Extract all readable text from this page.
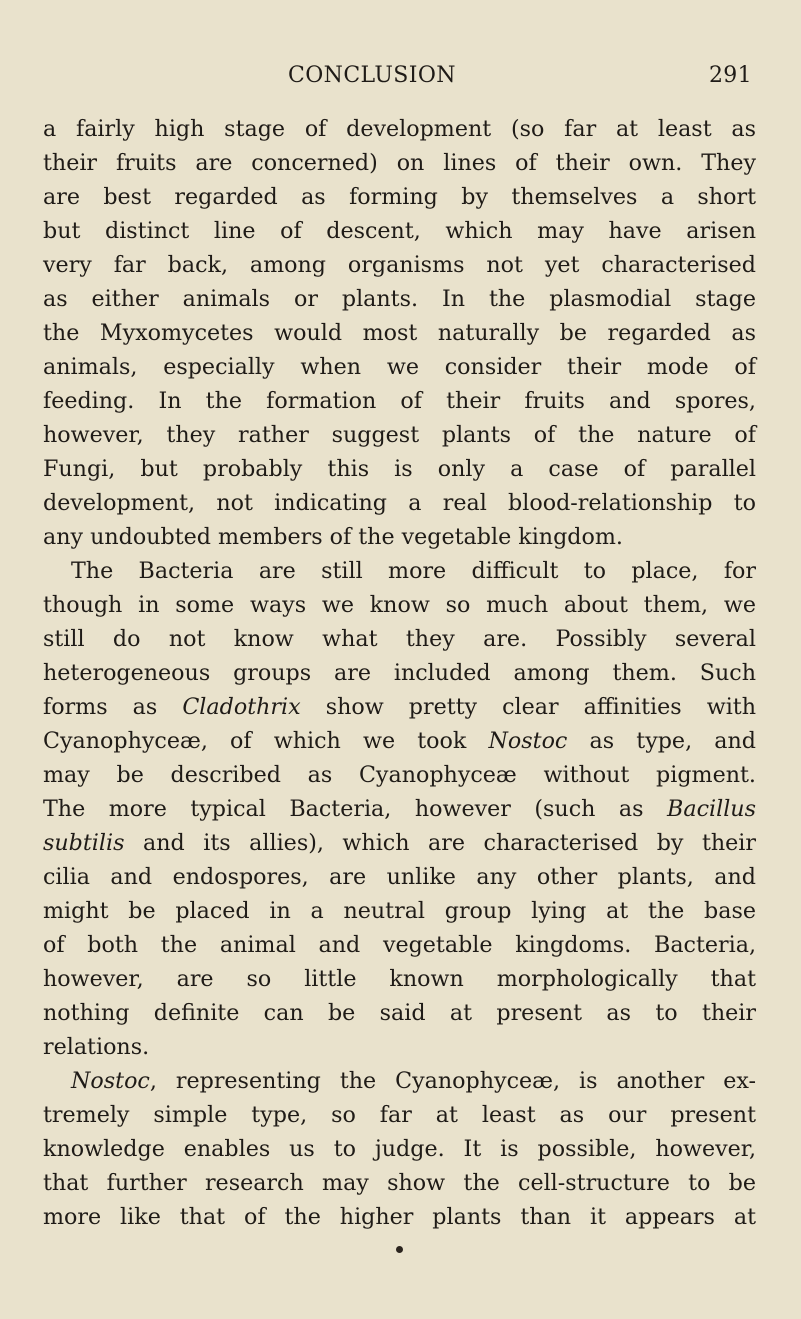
CONCLUSION	291
a fairly high stage of development (so far at least as
their fruits are concerned) on lines of their own. They
are best regarded as forming by themselves a short
but distinct line of descent, which may have arisen
very far back, among organisms not yet characterised
as either animals or plants. In the plasmodial stage
the Myxomycetes would most naturally be regarded as
animals, especially when we consider their mode of
feeding. In the formation of their fruits and spores,
however, they rather suggest plants of the nature of
Fungi, but probably this is only a case of parallel
development, not indicating a real blood-relationship to
any undoubted members of the vegetable kingdom.
The Bacteria are still more difficult to place, for
though in some ways we know so much about them, we
still do not know what they are. Possibly several
heterogeneous groups are included among them. Such
forms as Cladothrix show pretty clear affinities with
Cyanophyceæ, of which we took Nostoc as type, and
may be described as Cyanophyceæ without pigment.
The more typical Bacteria, however (such as Bacillus
subtilis and its allies), which are characterised by their
cilia and endospores, are unlike any other plants, and
might be placed in a neutral group lying at the base
of both the animal and vegetable kingdoms. Bacteria,
however, are so little known morphologically that
nothing definite can be said at present as to their
relations.
Nostoc, representing the Cyanophyceæ, is another ex-
tremely simple type, so far at least as our present
knowledge enables us to judge. It is possible, however,
that further research may show the cell-structure to be
more like that of the higher plants than it appears at
